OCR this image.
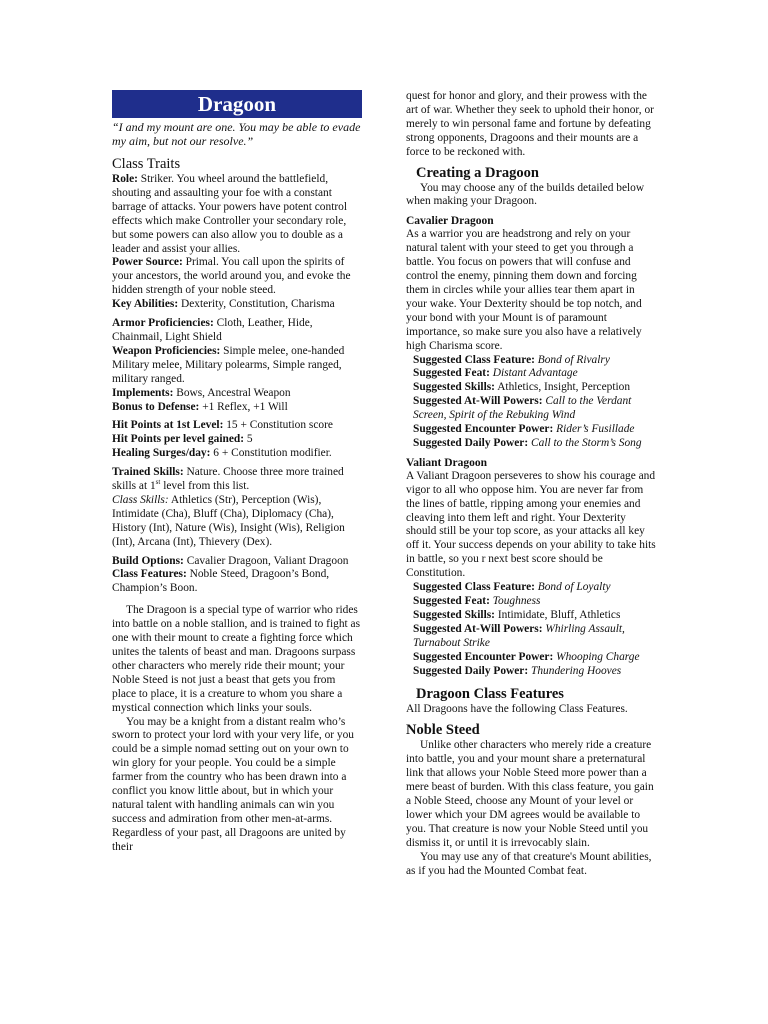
Dragoon

“I and my mount are one. You may be able to evade my aim, but not our resolve.”

Class Traits

Role: Striker. You wheel around the battlefield, shouting and assaulting your foe with a constant barrage of attacks. Your powers have potent control effects which make Controller your secondary role, but some powers can also allow you to double as a leader and assist your allies.

Power Source: Primal. You call upon the spirits of your ancestors, the world around you, and evoke the hidden strength of your noble steed.

Key Abilities: Dexterity, Constitution, Charisma

Armor Proficiencies: Cloth, Leather, Hide, Chainmail, Light Shield

Weapon Proficiencies: Simple melee, one-handed Military melee, Military polearms, Simple ranged, military ranged.

Implements: Bows, Ancestral Weapon

Bonus to Defense: +1 Reflex, +1 Will

Hit Points at 1st Level: 15 + Constitution score

Hit Points per level gained: 5

Healing Surges/day: 6 + Constitution modifier.

Trained Skills: Nature. Choose three more trained skills at 1st level from this list.

Class Skills: Athletics (Str), Perception (Wis), Intimidate (Cha), Bluff (Cha), Diplomacy (Cha), History (Int), Nature (Wis), Insight (Wis), Religion (Int), Arcana (Int), Thievery (Dex).

Build Options: Cavalier Dragoon, Valiant Dragoon

Class Features: Noble Steed, Dragoon’s Bond, Champion’s Boon.

The Dragoon is a special type of warrior who rides into battle on a noble stallion, and is trained to fight as one with their mount to create a fighting force which unites the talents of beast and man. Dragoons surpass other characters who merely ride their mount; your Noble Steed is not just a beast that gets you from place to place, it is a creature to whom you share a mystical connection which links your souls.

You may be a knight from a distant realm who’s sworn to protect your lord with your very life, or you could be a simple nomad setting out on your own to win glory for your people. You could be a simple farmer from the country who has been drawn into a conflict you know little about, but in which your natural talent with handling animals can win you success and admiration from other men-at-arms. Regardless of your past, all Dragoons are united by their

quest for honor and glory, and their prowess with the art of war. Whether they seek to uphold their honor, or merely to win personal fame and fortune by defeating strong opponents, Dragoons and their mounts are a force to be reckoned with.

Creating a Dragoon

You may choose any of the builds detailed below when making your Dragoon.

Cavalier Dragoon

As a warrior you are headstrong and rely on your natural talent with your steed to get you through a battle. You focus on powers that will confuse and control the enemy, pinning them down and forcing them in circles while your allies tear them apart in your wake. Your Dexterity should be top notch, and your bond with your Mount is of paramount importance, so make sure you also have a relatively high Charisma score.

Suggested Class Feature: Bond of Rivalry

Suggested Feat: Distant Advantage

Suggested Skills: Athletics, Insight, Perception

Suggested At-Will Powers: Call to the Verdant Screen, Spirit of the Rebuking Wind

Suggested Encounter Power: Rider’s Fusillade

Suggested Daily Power: Call to the Storm’s Song

Valiant Dragoon

A Valiant Dragoon perseveres to show his courage and vigor to all who oppose him. You are never far from the lines of battle, ripping among your enemies and cleaving into them left and right. Your Dexterity should still be your top score, as your attacks all key off it. Your success depends on your ability to take hits in battle, so you r next best score should be Constitution.

Suggested Class Feature: Bond of Loyalty

Suggested Feat: Toughness

Suggested Skills: Intimidate, Bluff, Athletics

Suggested At-Will Powers: Whirling Assault, Turnabout Strike

Suggested Encounter Power: Whooping Charge

Suggested Daily Power: Thundering Hooves

Dragoon Class Features

All Dragoons have the following Class Features.

Noble Steed

Unlike other characters who merely ride a creature into battle, you and your mount share a preternatural link that allows your Noble Steed more power than a mere beast of burden. With this class feature, you gain a Noble Steed, choose any Mount of your level or lower which your DM agrees would be available to you. That creature is now your Noble Steed until you dismiss it, or until it is irrevocably slain.

You may use any of that creature's Mount abilities, as if you had the Mounted Combat feat.
